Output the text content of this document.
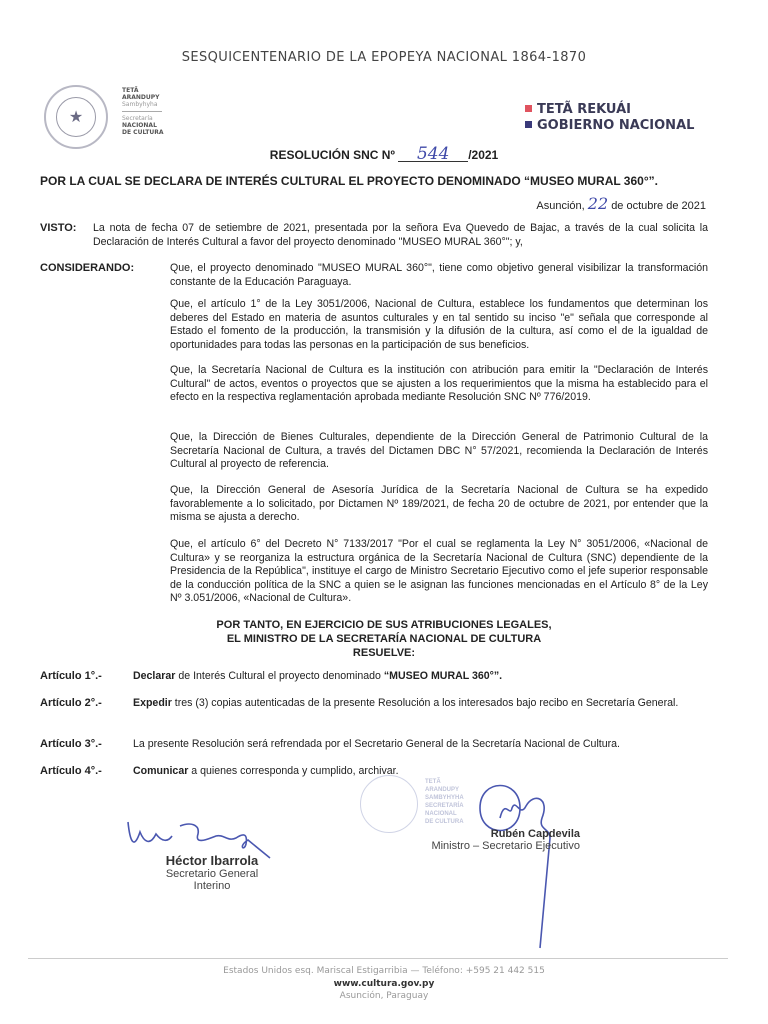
SESQUICENTENARIO DE LA EPOPEYA NACIONAL 1864-1870
★
TETÃ
ARANDUPY
Sambyhyha
Secretaría
NACIONAL
DE CULTURA
TETÃ REKUÁI
GOBIERNO NACIONAL
RESOLUCIÓN SNC Nº 544 /2021
POR LA CUAL SE DECLARA DE INTERÉS CULTURAL EL PROYECTO DENOMINADO “MUSEO MURAL 360°”.
Asunción, 22 de octubre de 2021
VISTO: La nota de fecha 07 de setiembre de 2021, presentada por la señora Eva Quevedo de Bajac, a través de la cual solicita la Declaración de Interés Cultural a favor del proyecto denominado "MUSEO MURAL 360°"; y,
CONSIDERANDO:	Que, el proyecto denominado "MUSEO MURAL 360°", tiene como objetivo general visibilizar la transformación constante de la Educación Paraguaya.
Que, el artículo 1° de la Ley 3051/2006, Nacional de Cultura, establece los fundamentos que determinan los deberes del Estado en materia de asuntos culturales y en tal sentido su inciso "e" señala que corresponde al Estado el fomento de la producción, la transmisión y la difusión de la cultura, así como el de la igualdad de oportunidades para todas las personas en la participación de sus beneficios.
Que, la Secretaría Nacional de Cultura es la institución con atribución para emitir la "Declaración de Interés Cultural" de actos, eventos o proyectos que se ajusten a los requerimientos que la misma ha establecido para el efecto en la respectiva reglamentación aprobada mediante Resolución SNC Nº 776/2019.
Que, la Dirección de Bienes Culturales, dependiente de la Dirección General de Patrimonio Cultural de la Secretaría Nacional de Cultura, a través del Dictamen DBC N° 57/2021, recomienda la Declaración de Interés Cultural al proyecto de referencia.
Que, la Dirección General de Asesoría Jurídica de la Secretaría Nacional de Cultura se ha expedido favorablemente a lo solicitado, por Dictamen Nº 189/2021, de fecha 20 de octubre de 2021, por entender que la misma se ajusta a derecho.
Que, el artículo 6° del Decreto N° 7133/2017 "Por el cual se reglamenta la Ley N° 3051/2006, «Nacional de Cultura» y se reorganiza la estructura orgánica de la Secretaría Nacional de Cultura (SNC) dependiente de la Presidencia de la República", instituye el cargo de Ministro Secretario Ejecutivo como el jefe superior responsable de la conducción política de la SNC a quien se le asignan las funciones mencionadas en el Artículo 8° de la Ley Nº 3.051/2006, «Nacional de Cultura».
POR TANTO, EN EJERCICIO DE SUS ATRIBUCIONES LEGALES,
EL MINISTRO DE LA SECRETARÍA NACIONAL DE CULTURA
RESUELVE:
Artículo 1°.-	Declarar de Interés Cultural el proyecto denominado “MUSEO MURAL 360°”.
Artículo 2°.-	Expedir tres (3) copias autenticadas de la presente Resolución a los interesados bajo recibo en Secretaría General.
Artículo 3°.-	La presente Resolución será refrendada por el Secretario General de la Secretaría Nacional de Cultura.
Artículo 4°.-	Comunicar a quienes corresponda y cumplido, archivar.
Héctor Ibarrola
Secretario General Interino
TETÃ
ARANDUPY
SAMBYHYHA
SECRETARÍA
NACIONAL
DE CULTURA
Rubén Capdevila
Ministro – Secretario Ejecutivo
Estados Unidos esq. Mariscal Estigarribia — Teléfono: +595 21 442 515
www.cultura.gov.py
Asunción, Paraguay
